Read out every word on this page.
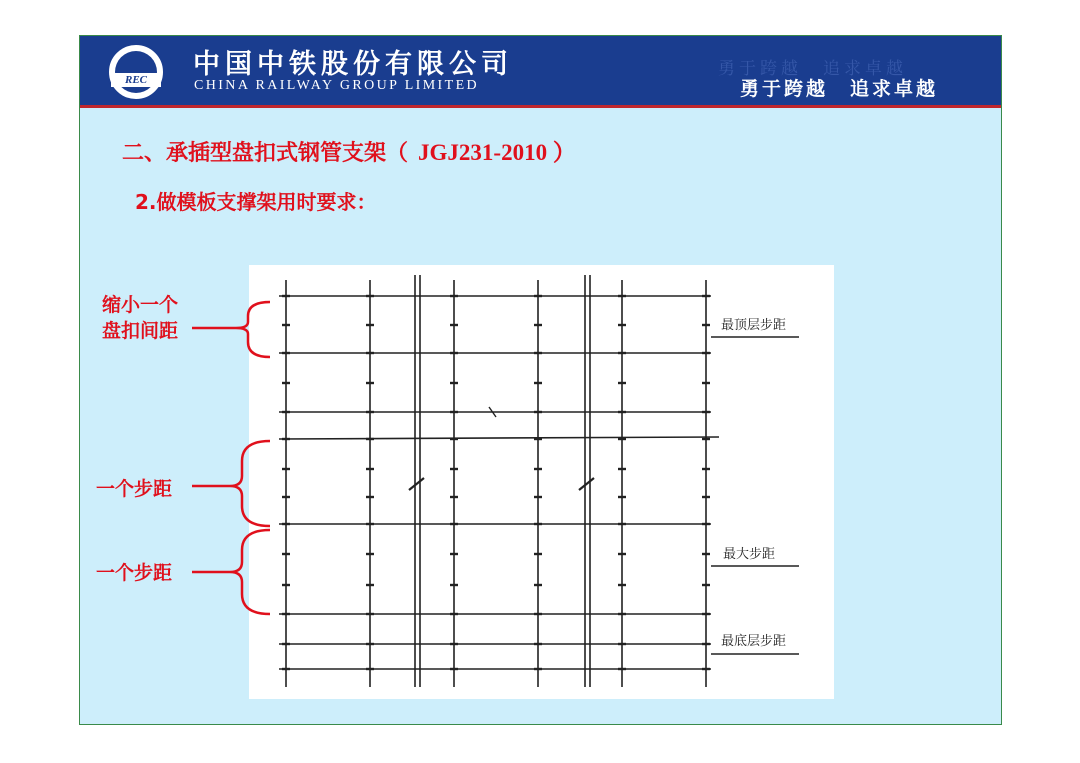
REC	中国中铁股份有限公司
CHINA RAILWAY GROUP LIMITED
勇于跨越　追求卓越
勇于跨越 追求卓越
二、承插型盘扣式钢管支架（ JGJ231-2010 ）
2.做模板支撑架用时要求：
最顶层步距
最大步距
最底层步距
缩小一个
盘扣间距
一个步距
一个步距
